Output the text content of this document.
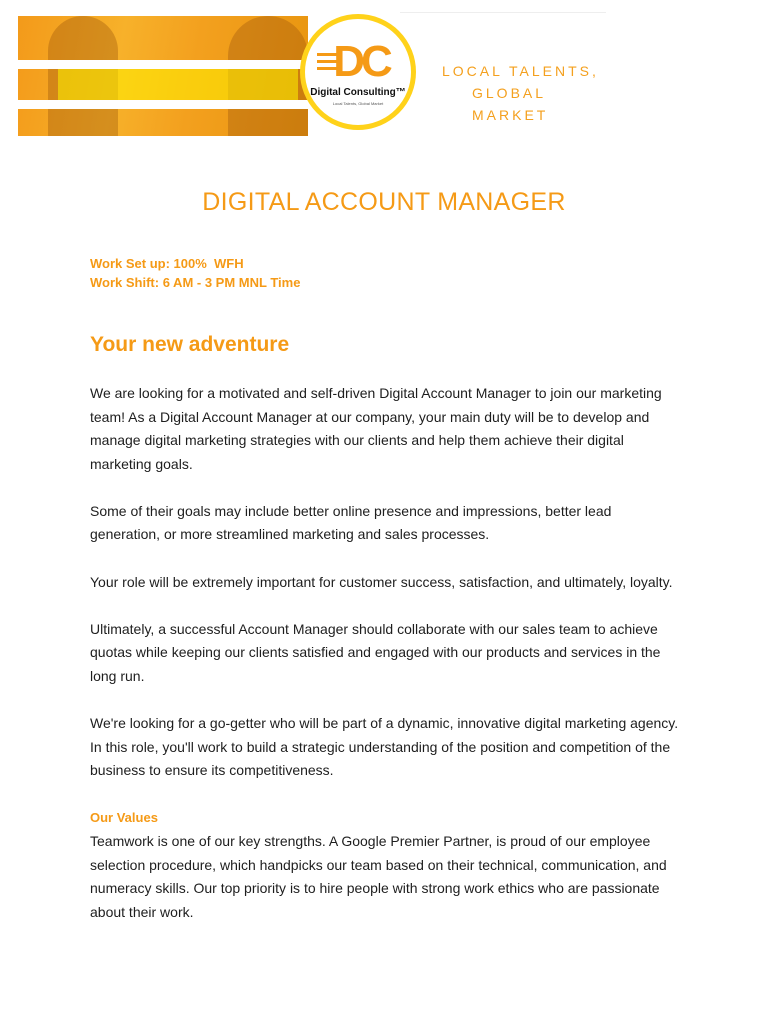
DC
Digital Consulting™
Local Talents, Global Market
LOCAL TALENTS,
GLOBAL MARKET
DIGITAL ACCOUNT MANAGER
Work Set up: 100%  WFH
Work Shift: 6 AM - 3 PM MNL Time
Your new adventure

We are looking for a motivated and self-driven Digital Account Manager to join our marketing team! As a Digital Account Manager at our company, your main duty will be to develop and manage digital marketing strategies with our clients and help them achieve their digital marketing goals.

Some of their goals may include better online presence and impressions, better lead generation, or more streamlined marketing and sales processes.

Your role will be extremely important for customer success, satisfaction, and ultimately, loyalty.

Ultimately, a successful Account Manager should collaborate with our sales team to achieve quotas while keeping our clients satisfied and engaged with our products and services in the long run.

We're looking for a go-getter who will be part of a dynamic, innovative digital marketing agency. In this role, you'll work to build a strategic understanding of the position and competition of the business to ensure its competitiveness.

Our Values

Teamwork is one of our key strengths. A Google Premier Partner, is proud of our employee selection procedure, which handpicks our team based on their technical, communication, and numeracy skills. Our top priority is to hire people with strong work ethics who are passionate about their work.
